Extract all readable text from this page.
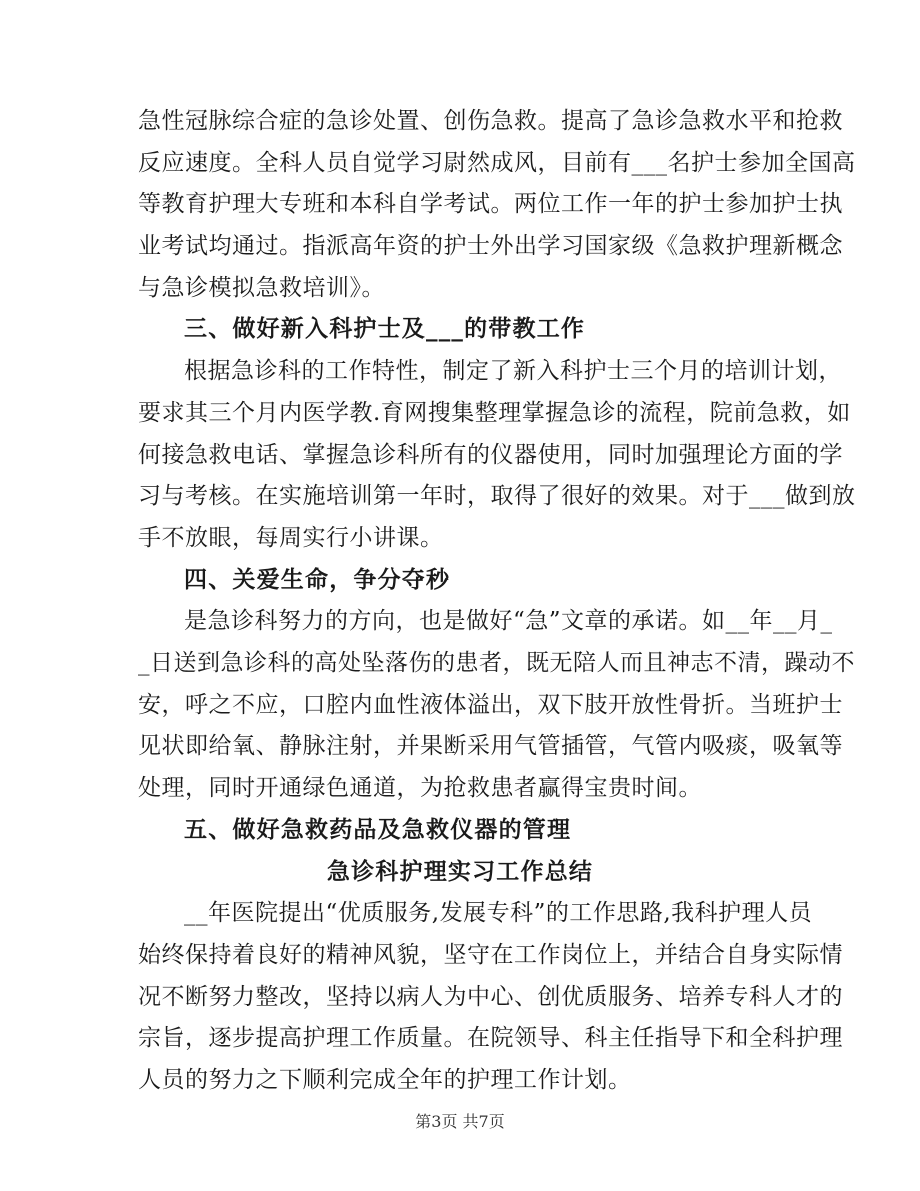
急性冠脉综合症的急诊处置、创伤急救。提高了急诊急救水平和抢救
反应速度。全科人员自觉学习尉然成风，目前有___名护士参加全国高
等教育护理大专班和本科自学考试。两位工作一年的护士参加护士执
业考试均通过。指派高年资的护士外出学习国家级《急救护理新概念
与急诊模拟急救培训》。
三、做好新入科护士及___的带教工作
根据急诊科的工作特性，制定了新入科护士三个月的培训计划，
要求其三个月内医学教.育网搜集整理掌握急诊的流程，院前急救，如
何接急救电话、掌握急诊科所有的仪器使用，同时加强理论方面的学
习与考核。在实施培训第一年时，取得了很好的效果。对于___做到放
手不放眼，每周实行小讲课。
四、关爱生命，争分夺秒
是急诊科努力的方向，也是做好“急”文章的承诺。如__年__月_
_日送到急诊科的高处坠落伤的患者，既无陪人而且神志不清，躁动不
安，呼之不应，口腔内血性液体溢出，双下肢开放性骨折。当班护士
见状即给氧、静脉注射，并果断采用气管插管，气管内吸痰，吸氧等
处理，同时开通绿色通道，为抢救患者赢得宝贵时间。
五、做好急救药品及急救仪器的管理
急诊科护理实习工作总结
__年医院提出“优质服务,发展专科”的工作思路,我科护理人员
始终保持着良好的精神风貌，坚守在工作岗位上，并结合自身实际情
况不断努力整改，坚持以病人为中心、创优质服务、培养专科人才的
宗旨，逐步提高护理工作质量。在院领导、科主任指导下和全科护理
人员的努力之下顺利完成全年的护理工作计划。
第3页 共7页
